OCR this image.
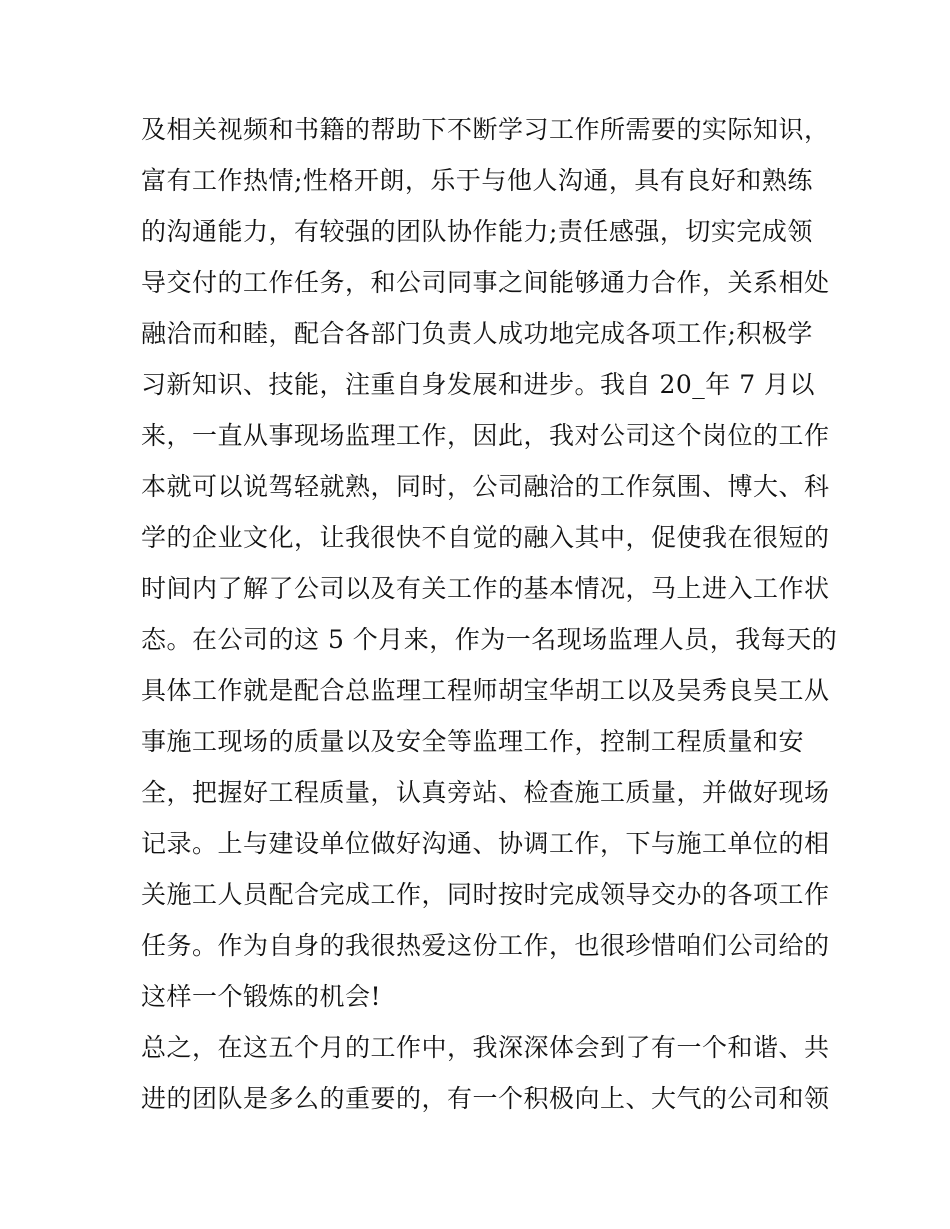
及相关视频和书籍的帮助下不断学习工作所需要的实际知识，
富有工作热情;性格开朗，乐于与他人沟通，具有良好和熟练
的沟通能力，有较强的团队协作能力;责任感强，切实完成领
导交付的工作任务，和公司同事之间能够通力合作，关系相处
融洽而和睦，配合各部门负责人成功地完成各项工作;积极学
习新知识、技能，注重自身发展和进步。我自 20_年 7 月以
来，一直从事现场监理工作，因此，我对公司这个岗位的工作
本就可以说驾轻就熟，同时，公司融洽的工作氛围、博大、科
学的企业文化，让我很快不自觉的融入其中，促使我在很短的
时间内了解了公司以及有关工作的基本情况，马上进入工作状
态。在公司的这 5 个月来，作为一名现场监理人员，我每天的
具体工作就是配合总监理工程师胡宝华胡工以及吴秀良吴工从
事施工现场的质量以及安全等监理工作，控制工程质量和安
全，把握好工程质量，认真旁站、检查施工质量，并做好现场
记录。上与建设单位做好沟通、协调工作，下与施工单位的相
关施工人员配合完成工作，同时按时完成领导交办的各项工作
任务。作为自身的我很热爱这份工作，也很珍惜咱们公司给的
这样一个锻炼的机会!
总之，在这五个月的工作中，我深深体会到了有一个和谐、共
进的团队是多么的重要的，有一个积极向上、大气的公司和领
